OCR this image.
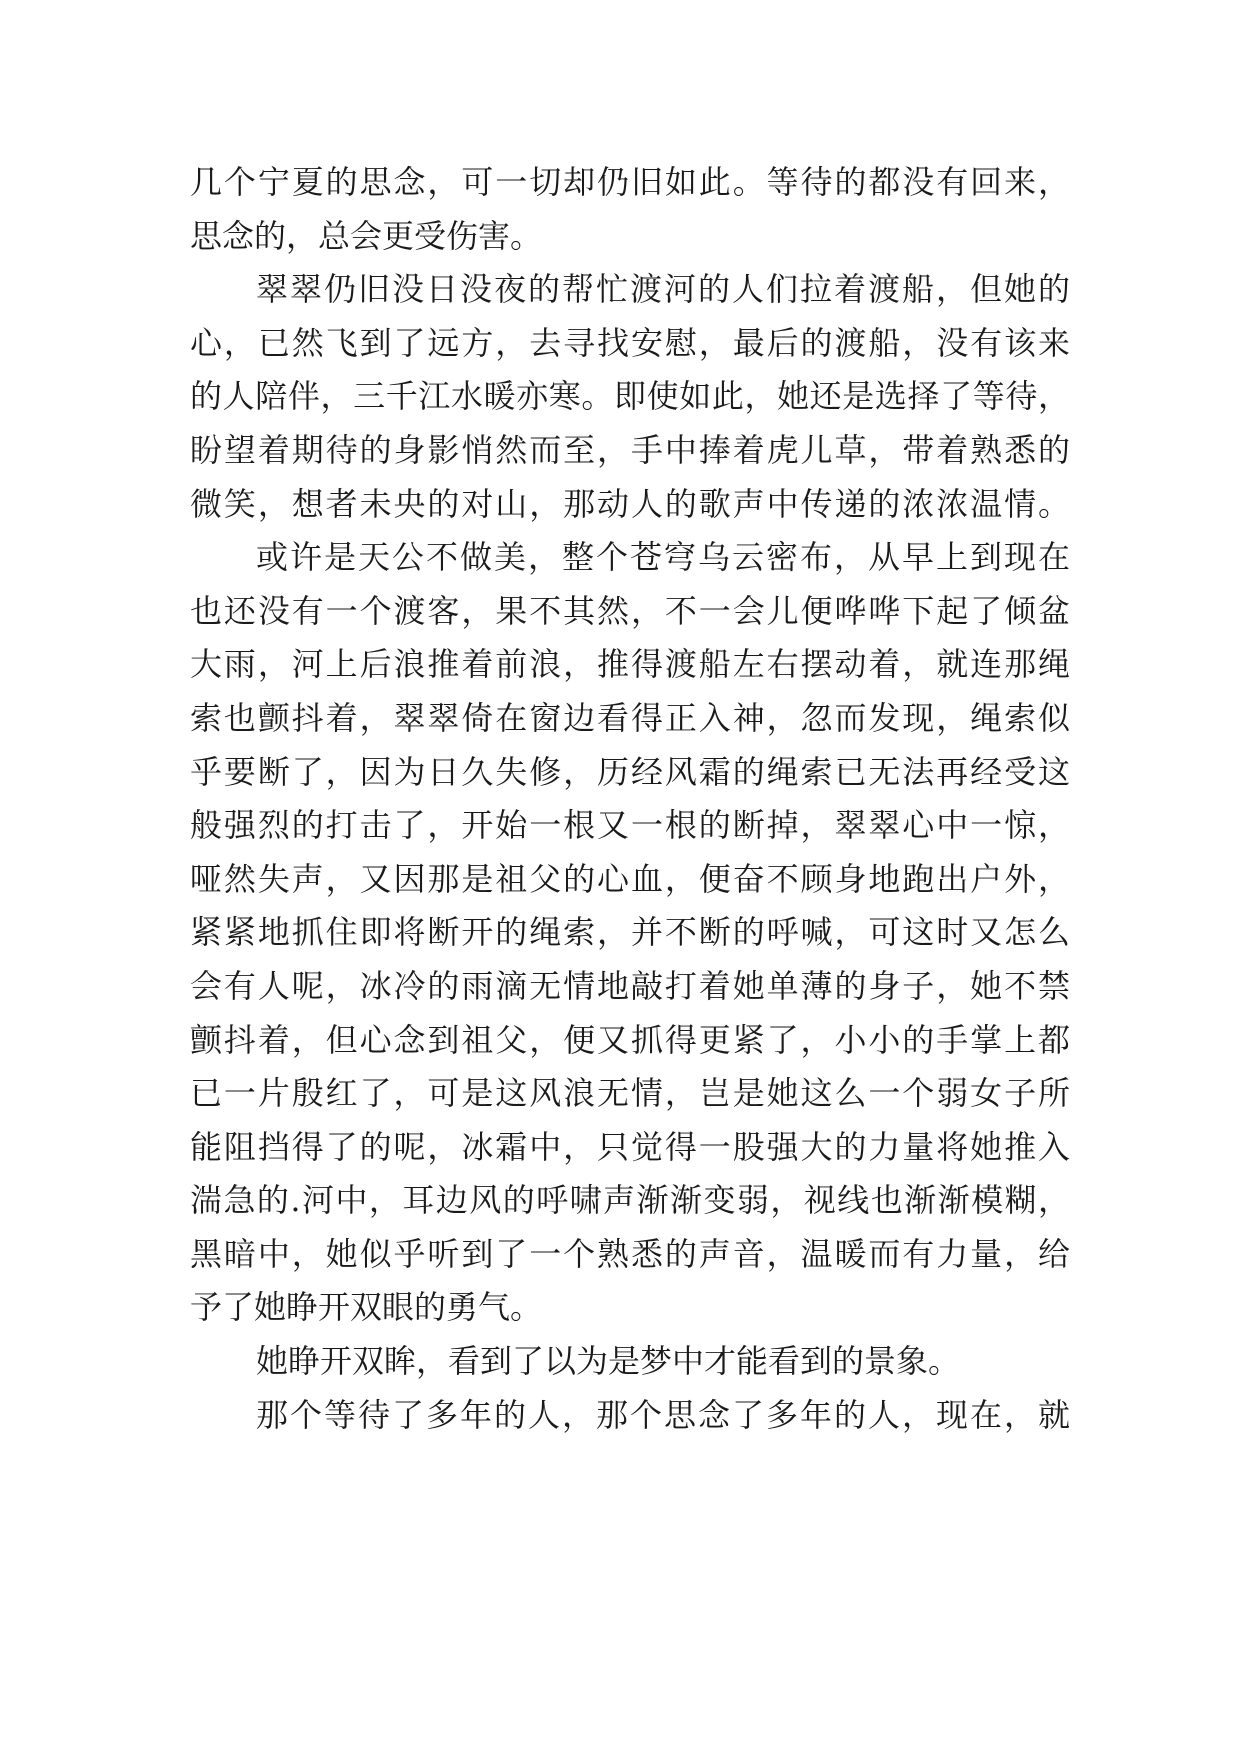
几个宁夏的思念，可一切却仍旧如此。等待的都没有回来，
思念的，总会更受伤害。
翠翠仍旧没日没夜的帮忙渡河的人们拉着渡船，但她的
心，已然飞到了远方，去寻找安慰，最后的渡船，没有该来
的人陪伴，三千江水暖亦寒。即使如此，她还是选择了等待，
盼望着期待的身影悄然而至，手中捧着虎儿草，带着熟悉的
微笑，想者未央的对山，那动人的歌声中传递的浓浓温情。
或许是天公不做美，整个苍穹乌云密布，从早上到现在
也还没有一个渡客，果不其然，不一会儿便哗哗下起了倾盆
大雨，河上后浪推着前浪，推得渡船左右摆动着，就连那绳
索也颤抖着，翠翠倚在窗边看得正入神，忽而发现，绳索似
乎要断了，因为日久失修，历经风霜的绳索已无法再经受这
般强烈的打击了，开始一根又一根的断掉，翠翠心中一惊，
哑然失声，又因那是祖父的心血，便奋不顾身地跑出户外，
紧紧地抓住即将断开的绳索，并不断的呼喊，可这时又怎么
会有人呢，冰冷的雨滴无情地敲打着她单薄的身子，她不禁
颤抖着，但心念到祖父，便又抓得更紧了，小小的手掌上都
已一片殷红了，可是这风浪无情，岂是她这么一个弱女子所
能阻挡得了的呢，冰霜中，只觉得一股强大的力量将她推入
湍急的.河中，耳边风的呼啸声渐渐变弱，视线也渐渐模糊，
黑暗中，她似乎听到了一个熟悉的声音，温暖而有力量，给
予了她睁开双眼的勇气。
她睁开双眸，看到了以为是梦中才能看到的景象。
那个等待了多年的人，那个思念了多年的人，现在，就
